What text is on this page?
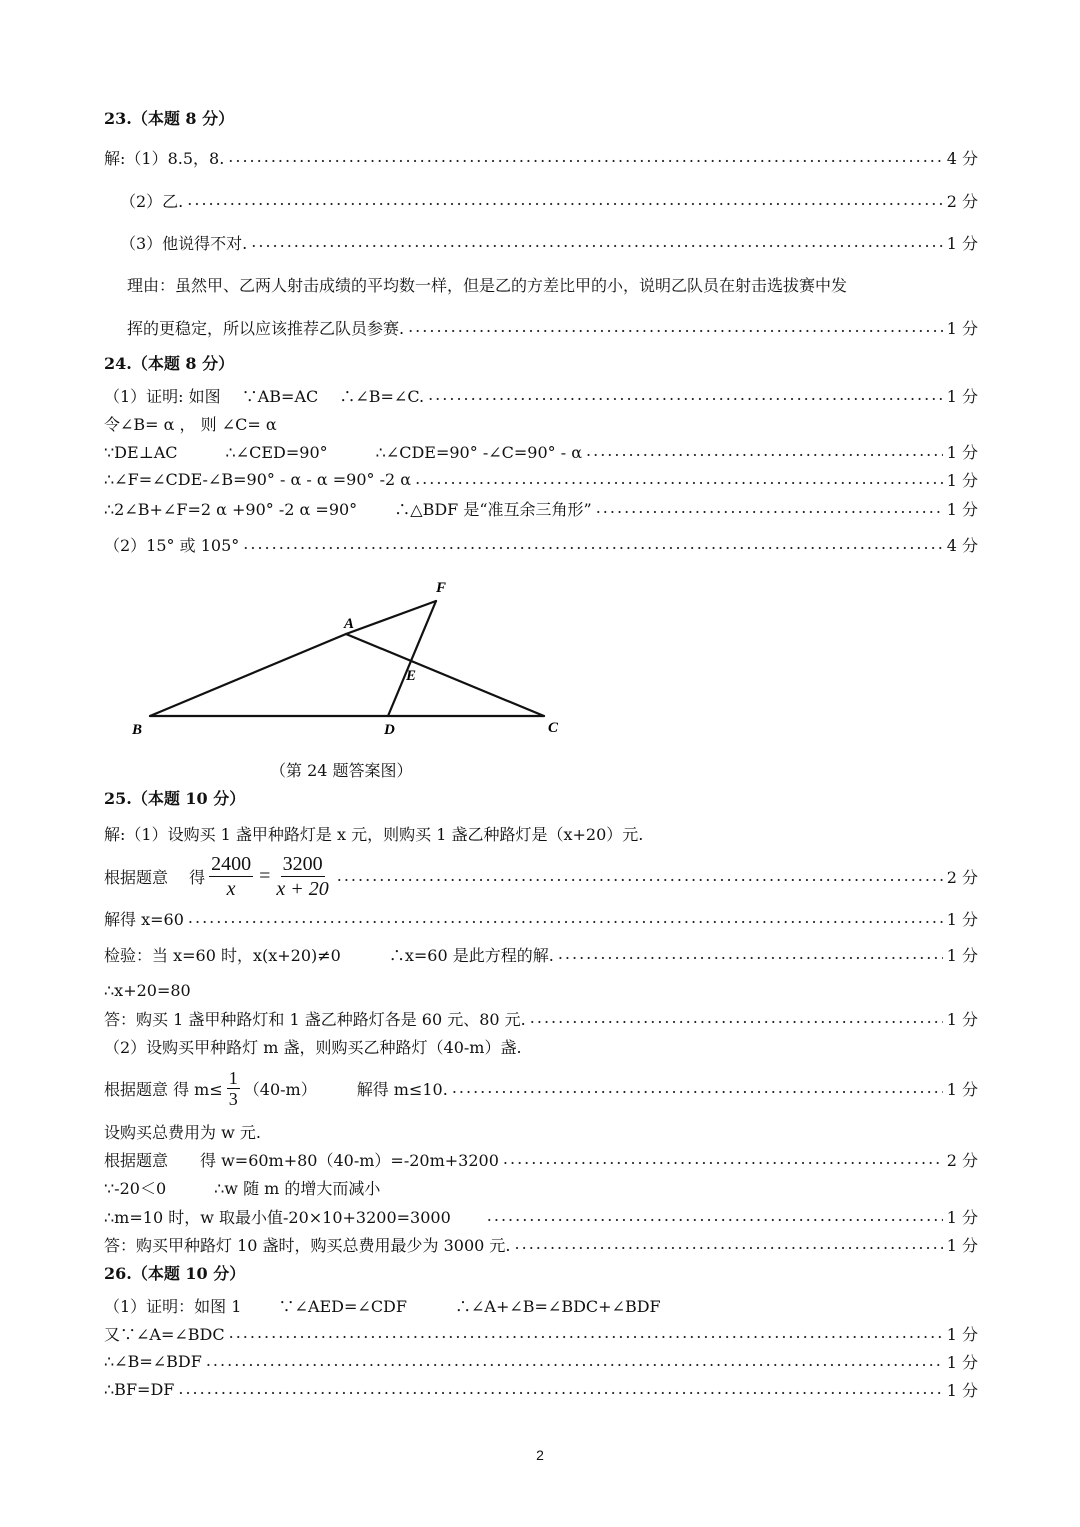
23.（本题 8 分）
解:（1）8.5，8. .....	4 分
（2）乙. .....	2 分
（3）他说得不对. .....	1 分
理由：虽然甲、乙两人射击成绩的平均数一样，但是乙的方差比甲的小，说明乙队员在射击选拔赛中发
挥的更稳定，所以应该推荐乙队员参赛. .....	1 分
24.（本题 8 分）
（1）证明: 如图　 ∵AB=AC　 ∴∠B=∠C. .....	1 分
令∠B= α ， 则 ∠C= α
∵DE⊥AC　　　∴∠CED=90°　　　∴∠CDE=90° -∠C=90° - α .....	1 分
∴∠F=∠CDE-∠B=90° - α - α =90° -2 α .....	1 分
∴2∠B+∠F=2 α +90° -2 α =90°　　 ∴△BDF 是“准互余三角形” .....	1 分
（2）15° 或 105° .....	4 分
A
B	C
D
E
F
（第 24 题答案图）
25.（本题 10 分）
解:（1）设购买 1 盏甲种路灯是 x 元，则购买 1 盏乙种路灯是（x+20）元.
根据题意　 得 $\frac{2400}{x} = \frac{3200}{x + 20}$ .....	2 分
解得 x=60 .....	1 分
检验：当 x=60 时，x(x+20)≠0　　　∴x=60 是此方程的解. .....	1 分
∴x+20=80
答：购买 1 盏甲种路灯和 1 盏乙种路灯各是 60 元、80 元. .....	1 分
（2）设购买甲种路灯 m 盏，则购买乙种路灯（40-m）盏.
根据题意 得 $m\le \frac{1}{3} (40-m)$　　　解得 m≤10. .....	1 分
设购买总费用为 w 元.
根据题意　　得 w=60m+80（40-m）=-20m+3200 .....	2 分
∵-20＜0　　　∴w 随 m 的增大而减小
∴m=10 时，w 取最小值-20×10+3200=3000　　 .....	1 分
答：购买甲种路灯 10 盏时，购买总费用最少为 3000 元. .....	1 分
26.（本题 10 分）
（1）证明：如图 1　　 ∵∠AED=∠CDF　　　∴∠A+∠B=∠BDC+∠BDF
又∵∠A=∠BDC .....	1 分
∴∠B=∠BDF .....	1 分
∴BF=DF .....	1 分
2
